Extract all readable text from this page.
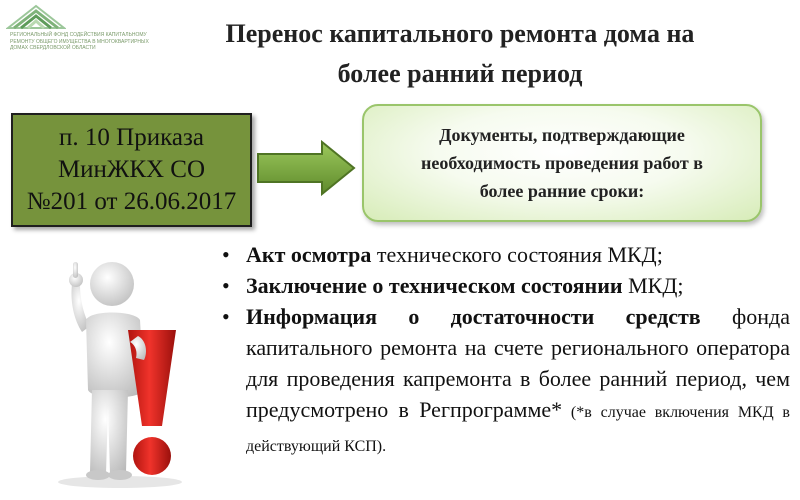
РЕГИОНАЛЬНЫЙ ФОНД СОДЕЙСТВИЯ КАПИТАЛЬНОМУ
РЕМОНТУ ОБЩЕГО ИМУЩЕСТВА В МНОГОКВАРТИРНЫХ
ДОМАХ СВЕРДЛОВСКОЙ ОБЛАСТИ	Перенос капитального ремонта дома на
более ранний период
п. 10 Приказа
МинЖКХ СО
№201 от 26.06.2017
Документы, подтверждающие
необходимость проведения работ в
более ранние сроки:
• Акт осмотра технического состояния МКД;
• Заключение о техническом состоянии МКД;
• Информация о достаточности средств фонда капитального ремонта на счете регионального оператора для проведения капремонта в более ранний период, чем предусмотрено в Регпрограмме* (*в случае включения МКД в действующий КСП).
